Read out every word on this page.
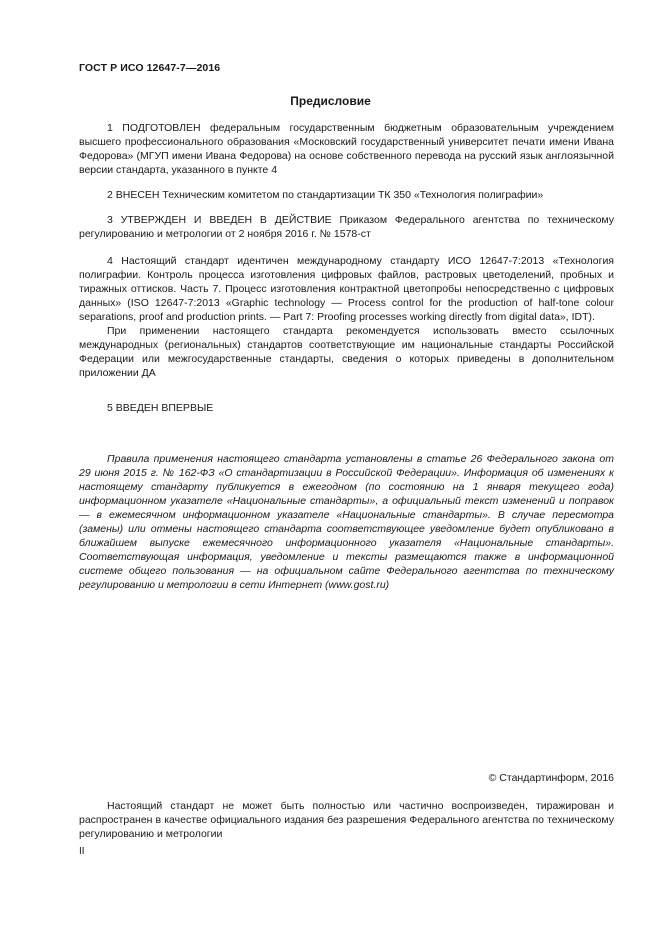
ГОСТ Р ИСО 12647-7—2016
Предисловие

1 ПОДГОТОВЛЕН федеральным государственным бюджетным образовательным учреждением высшего профессионального образования «Московский государственный университет печати имени Ивана Федорова» (МГУП имени Ивана Федорова) на основе собственного перевода на русский язык англоязычной версии стандарта, указанного в пункте 4

2 ВНЕСЕН Техническим комитетом по стандартизации ТК 350 «Технология полиграфии»

3 УТВЕРЖДЕН И ВВЕДЕН В ДЕЙСТВИЕ Приказом Федерального агентства по техническому регулированию и метрологии от 2 ноября 2016 г. № 1578-ст

4 Настоящий стандарт идентичен международному стандарту ИСО 12647-7:2013 «Технология полиграфии. Контроль процесса изготовления цифровых файлов, растровых цветоделений, пробных и тиражных оттисков. Часть 7. Процесс изготовления контрактной цветопробы непосредственно с цифровых данных» (ISO 12647-7:2013 «Graphic technology — Process control for the production of half-tone colour separations, proof and production prints. — Part 7: Proofing processes working directly from digital data», IDT).

При применении настоящего стандарта рекомендуется использовать вместо ссылочных международных (региональных) стандартов соответствующие им национальные стандарты Российской Федерации или межгосударственные стандарты, сведения о которых приведены в дополнительном приложении ДА

5 ВВЕДЕН ВПЕРВЫЕ

Правила применения настоящего стандарта установлены в статье 26 Федерального закона от 29 июня 2015 г. № 162-ФЗ «О стандартизации в Российской Федерации». Информация об изменениях к настоящему стандарту публикуется в ежегодном (по состоянию на 1 января текущего года) информационном указателе «Национальные стандарты», а официальный текст изменений и поправок — в ежемесячном информационном указателе «Национальные стандарты». В случае пересмотра (замены) или отмены настоящего стандарта соответствующее уведомление будет опубликовано в ближайшем выпуске ежемесячного информационного указателя «Национальные стандарты». Соответствующая информация, уведомление и тексты размещаются также в информационной системе общего пользования — на официальном сайте Федерального агентства по техническому регулированию и метрологии в сети Интернет (www.gost.ru)

© Стандартинформ, 2016

Настоящий стандарт не может быть полностью или частично воспроизведен, тиражирован и распространен в качестве официального издания без разрешения Федерального агентства по техническому регулированию и метрологии

II
